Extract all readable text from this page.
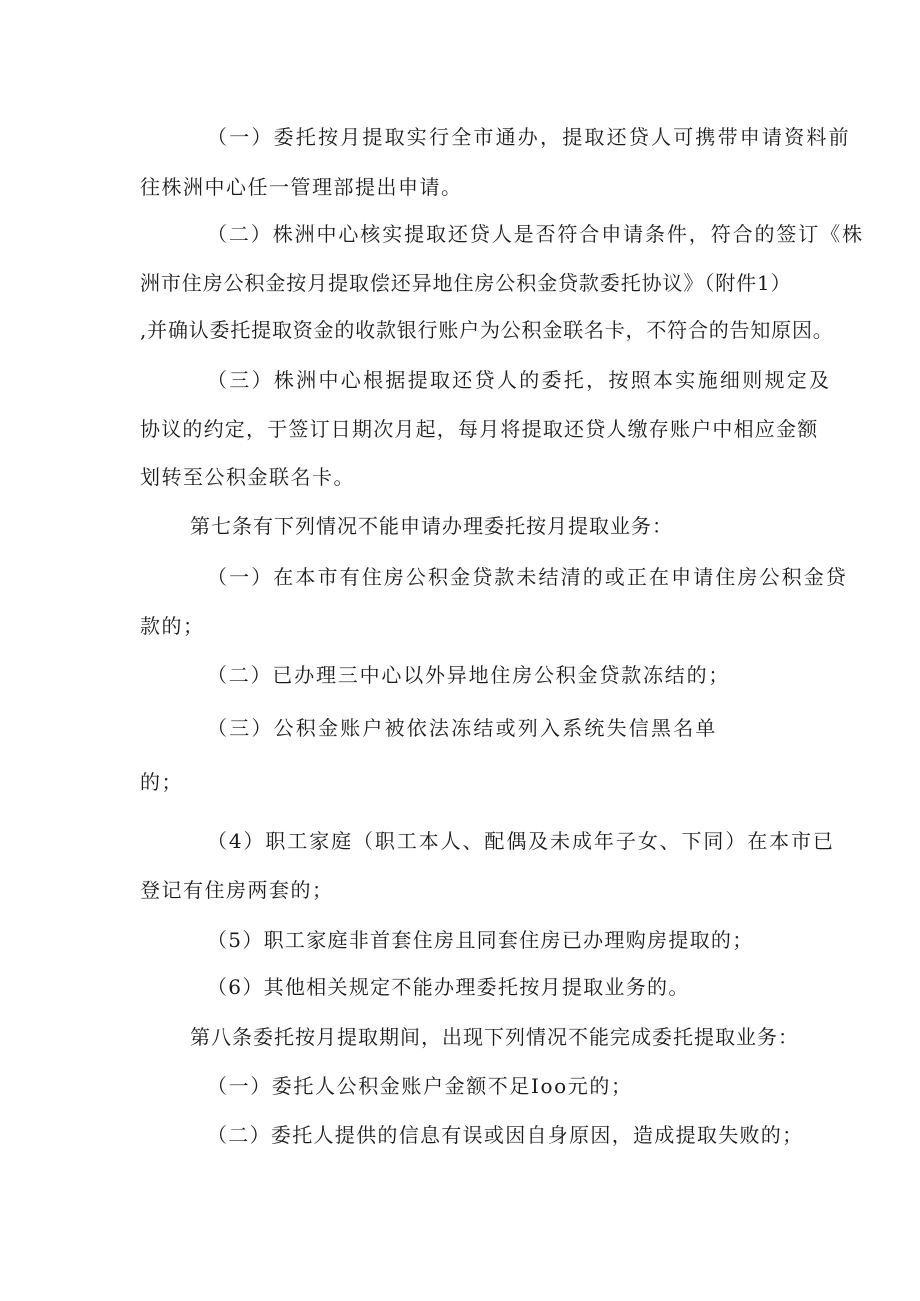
（一）委托按月提取实行全市通办，提取还贷人可携带申请资料前
往株洲中心任一管理部提出申请。
（二）株洲中心核实提取还贷人是否符合申请条件，符合的签订《株
洲市住房公积金按月提取偿还异地住房公积金贷款委托协议》（附件1）
,并确认委托提取资金的收款银行账户为公积金联名卡，不符合的告知原因。
（三）株洲中心根据提取还贷人的委托，按照本实施细则规定及
协议的约定，于签订日期次月起，每月将提取还贷人缴存账户中相应金额
划转至公积金联名卡。
第七条有下列情况不能申请办理委托按月提取业务：
（一）在本市有住房公积金贷款未结清的或正在申请住房公积金贷
款的；
（二）已办理三中心以外异地住房公积金贷款冻结的；
（三）公积金账户被依法冻结或列入系统失信黑名单
的；
（4）职工家庭（职工本人、配偶及未成年子女、下同）在本市已
登记有住房两套的；
（5）职工家庭非首套住房且同套住房已办理购房提取的；
（6）其他相关规定不能办理委托按月提取业务的。
第八条委托按月提取期间，出现下列情况不能完成委托提取业务：
（一）委托人公积金账户金额不足Ioo元的；
（二）委托人提供的信息有误或因自身原因，造成提取失败的；
